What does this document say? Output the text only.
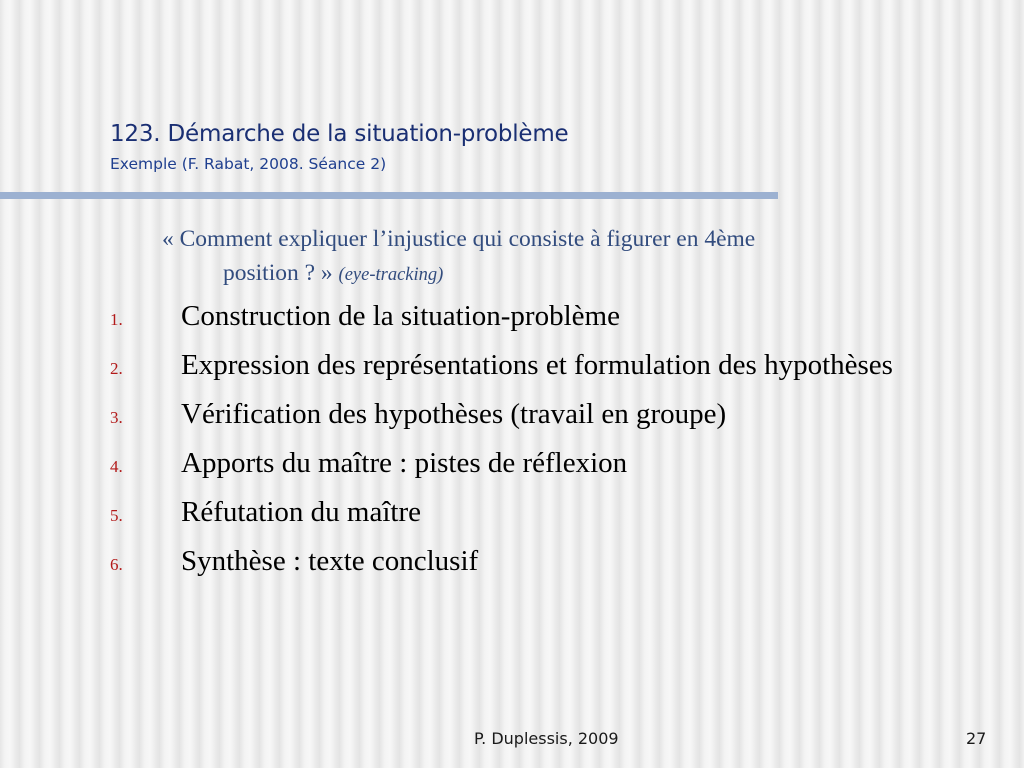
123. Démarche de la situation-problème
Exemple (F. Rabat, 2008. Séance 2)

« Comment expliquer l’injustice qui consiste à figurer en 4ème
position ? » (eye-tracking)

1.	Construction de la situation-problème
2.	Expression des représentations et formulation des hypothèses
3.	Vérification des hypothèses (travail en groupe)
4.	Apports du maître : pistes de réflexion
5.	Réfutation du maître
6.	Synthèse : texte conclusif
P. Duplessis, 2009	27
